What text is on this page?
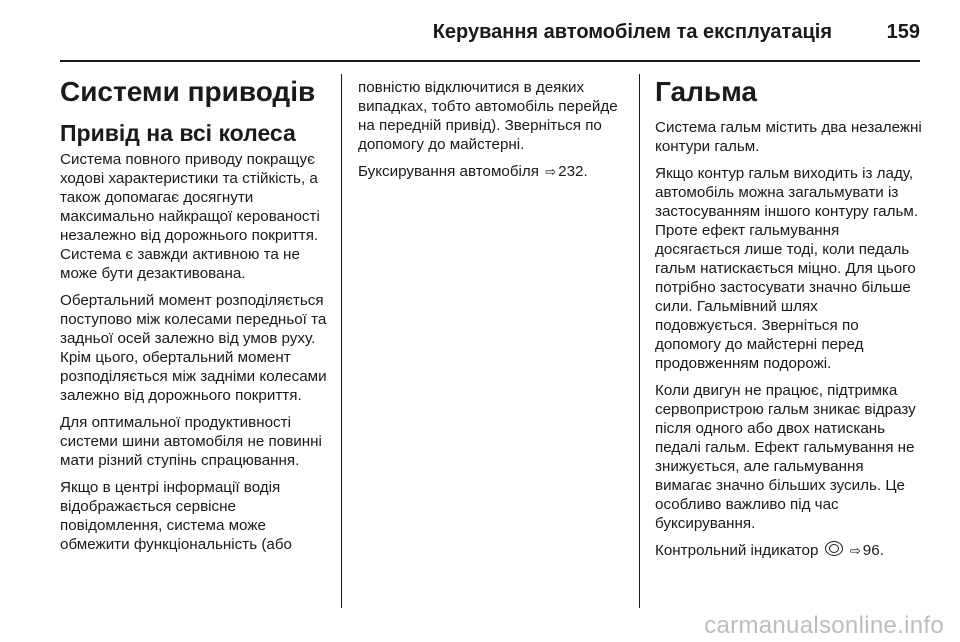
Керування автомобілем та експлуатація	159
Системи приводів
Привід на всі колеса

Система повного приводу покращує ходові характеристики та стійкість, а також допомагає досягнути максимально найкращої керованості незалежно від дорожнього покриття. Система є завжди активною та не може бути дезактивована.

Обертальний момент розподіляється поступово між колесами передньої та задньої осей залежно від умов руху. Крім цього, обертальний момент розподіляється між задніми колесами залежно від дорожнього покриття.

Для оптимальної продуктивності системи шини автомобіля не повинні мати різний ступінь спрацювання.

Якщо в центрі інформації водія відображається сервісне повідомлення, система може обмежити функціональність (або

повністю відключитися в деяких випадках, тобто автомобіль перейде на передній привід). Зверніться по допомогу до майстерні.

Буксирування автомобіля ⇨ 232.

Гальма

Система гальм містить два незалежні контури гальм.

Якщо контур гальм виходить із ладу, автомобіль можна загальмувати із застосуванням іншого контуру гальм. Проте ефект гальмування досягається лише тоді, коли педаль гальм натискається міцно. Для цього потрібно застосувати значно більше сили. Гальмівний шлях подовжується. Зверніться по допомогу до майстерні перед продовженням подорожі.

Коли двигун не працює, підтримка сервопристрою гальм зникає відразу після одного або двох натискань педалі гальм. Ефект гальмування не знижується, але гальмування вимагає значно більших зусиль. Це особливо важливо під час буксирування.

Контрольний індикатор ⇨ 96.

carmanualsonline.info
